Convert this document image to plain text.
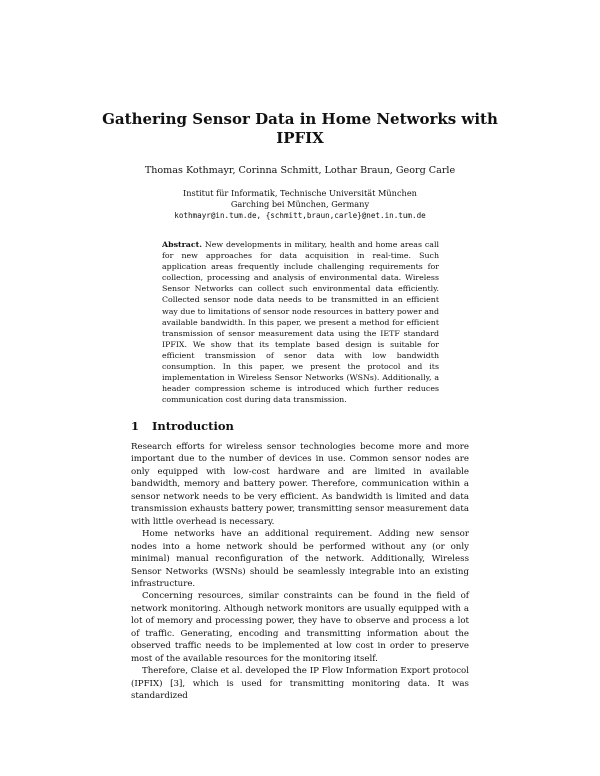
Gathering Sensor Data in Home Networks with IPFIX
Thomas Kothmayr, Corinna Schmitt, Lothar Braun, Georg Carle
Institut für Informatik, Technische Universität München
Garching bei München, Germany
kothmayr@in.tum.de, {schmitt,braun,carle}@net.in.tum.de
Abstract. New developments in military, health and home areas call for new approaches for data acquisition in real-time. Such application areas frequently include challenging requirements for collection, processing and analysis of environmental data. Wireless Sensor Networks can collect such environmental data efficiently. Collected sensor node data needs to be transmitted in an efficient way due to limitations of sensor node resources in battery power and available bandwidth. In this paper, we present a method for efficient transmission of sensor measurement data using the IETF standard IPFIX. We show that its template based design is suitable for efficient transmission of senor data with low bandwidth consumption. In this paper, we present the protocol and its implementation in Wireless Sensor Networks (WSNs). Additionally, a header compression scheme is introduced which further reduces communication cost during data transmission.
1 Introduction

Research efforts for wireless sensor technologies become more and more important due to the number of devices in use. Common sensor nodes are only equipped with low-cost hardware and are limited in available bandwidth, memory and battery power. Therefore, communication within a sensor network needs to be very efficient. As bandwidth is limited and data transmission exhausts battery power, transmitting sensor measurement data with little overhead is necessary.

Home networks have an additional requirement. Adding new sensor nodes into a home network should be performed without any (or only minimal) manual reconfiguration of the network. Additionally, Wireless Sensor Networks (WSNs) should be seamlessly integrable into an existing infrastructure.

Concerning resources, similar constraints can be found in the field of network monitoring. Although network monitors are usually equipped with a lot of memory and processing power, they have to observe and process a lot of traffic. Generating, encoding and transmitting information about the observed traffic needs to be implemented at low cost in order to preserve most of the available resources for the monitoring itself.

Therefore, Claise et al. developed the IP Flow Information Export protocol (IPFIX) [3], which is used for transmitting monitoring data. It was standardized
